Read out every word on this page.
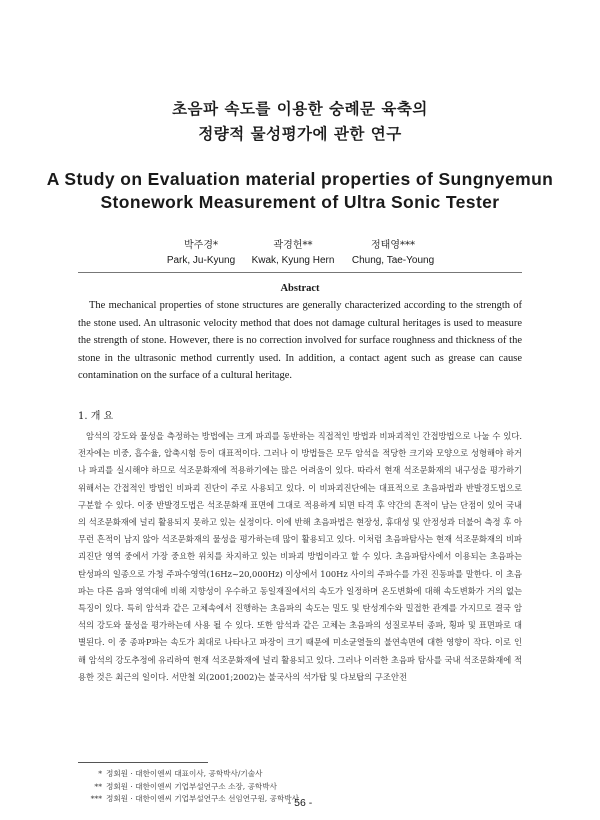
초음파 속도를 이용한 숭례문 육축의
정량적 물성평가에 관한 연구
A Study on Evaluation material properties of Sungnyemun
Stonework Measurement of Ultra Sonic Tester
박주경*
Park, Ju-Kyung
곽경헌**
Kwak, Kyung Hern
정태영***
Chung, Tae-Young
Abstract
The mechanical properties of stone structures are generally characterized according to the strength of the stone used. An ultrasonic velocity method that does not damage cultural heritages is used to measure the strength of stone. However, there is no correction involved for surface roughness and thickness of the stone in the ultrasonic method currently used. In addition, a contact agent such as grease can cause contamination on the surface of a cultural heritage.
1. 개 요
암석의 강도와 물성을 측정하는 방법에는 크게 파괴를 동반하는 직접적인 방법과 비파괴적인 간접방법으로 나눌 수 있다. 전자에는 비중, 흡수율, 압축시험 등이 대표적이다. 그러나 이 방법들은 모두 암석을 적당한 크기와 모양으로 성형해야 하거나 파괴를 실시해야 하므로 석조문화재에 적용하기에는 많은 어려움이 있다. 따라서 현재 석조문화재의 내구성을 평가하기 위해서는 간접적인 방법인 비파괴 진단이 주로 사용되고 있다. 이 비파괴진단에는 대표적으로 초음파법과 반발경도법으로 구분할 수 있다. 이중 반발경도법은 석조문화재 표면에 그대로 적용하게 되면 타격 후 약간의 흔적이 남는 단점이 있어 국내의 석조문화재에 널리 활용되지 못하고 있는 실정이다. 이에 반해 초음파법은 현장성, 휴대성 및 안정성과 더불어 측정 후 아무런 흔적이 남지 않아 석조문화재의 물성을 평가하는데 많이 활용되고 있다. 이처럼 초음파탐사는 현재 석조문화재의 비파괴진단 영역 중에서 가장 중요한 위치를 차지하고 있는 비파괴 방법이라고 할 수 있다. 초음파탐사에서 이용되는 초음파는 탄성파의 일종으로 가청 주파수영역(16Hz~20,000Hz) 이상에서 100Hz 사이의 주파수를 가진 진동파를 말한다. 이 초음파는 다른 음파 영역대에 비해 지향성이 우수하고 동일재질에서의 속도가 일정하며 온도변화에 대해 속도변화가 거의 없는 특징이 있다. 특히 암석과 같은 고체속에서 진행하는 초음파의 속도는 밀도 및 탄성계수와 밀접한 관계를 가지므로 결국 암석의 강도와 물성을 평가하는데 사용 될 수 있다. 또한 암석과 같은 고체는 초음파의 성질로부터 종파, 횡파 및 표면파로 대별된다. 이 중 종파P파는 속도가 최대로 나타나고 파장이 크기 때문에 미소균열들의 불연속면에 대한 영향이 작다. 이로 인해 암석의 강도추정에 유리하여 현재 석조문화재에 널리 활용되고 있다. 그러나 이러한 초음파 탐사를 국내 석조문화재에 적용한 것은 최근의 일이다. 서만철 외(2001;2002)는 불국사의 석가탑 및 다보탑의 구조안전
* 정회원 · 대한이엔씨 대표이사, 공학박사/기술사
** 정회원 · 대한이엔씨 기업부설연구소 소장, 공학박사
*** 정회원 · 대한이엔씨 기업부설연구소 선임연구원, 공학박사
- 56 -
